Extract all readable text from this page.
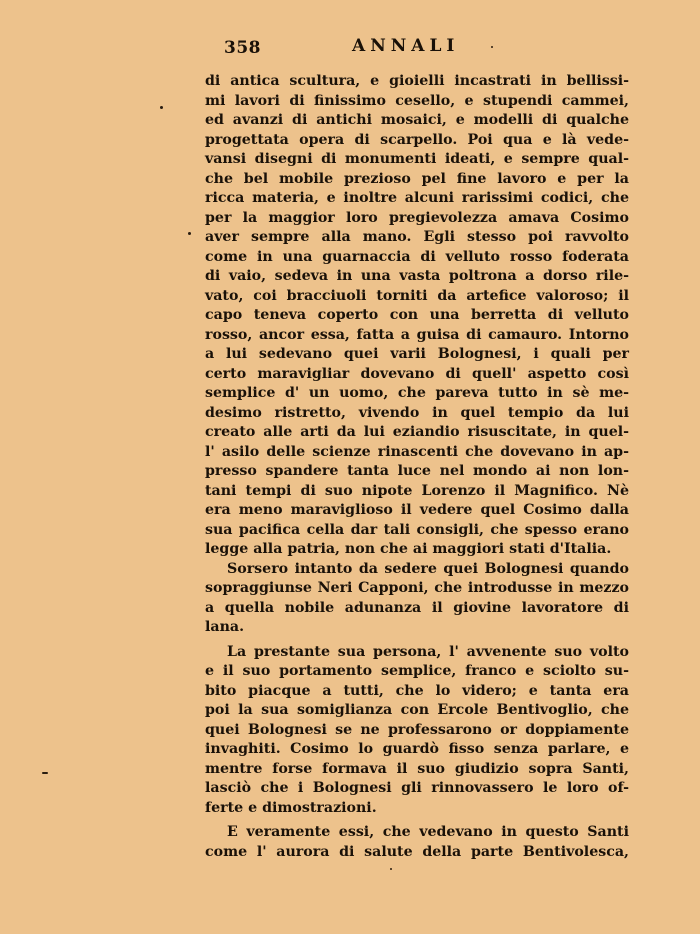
358	ANNALI
di antica scultura, e gioielli incastrati in bellissi-
mi lavori di finissimo cesello, e stupendi cammei,
ed avanzi di antichi mosaici, e modelli di qualche
progettata opera di scarpello. Poi qua e là vede-
vansi disegni di monumenti ideati, e sempre qual-
che bel mobile prezioso pel fine lavoro e per la
ricca materia, e inoltre alcuni rarissimi codici, che
per la maggior loro pregievolezza amava Cosimo
aver sempre alla mano. Egli stesso poi ravvolto
come in una guarnaccia di velluto rosso foderata
di vaio, sedeva in una vasta poltrona a dorso rile-
vato, coi bracciuoli torniti da artefice valoroso; il
capo teneva coperto con una berretta di velluto
rosso, ancor essa, fatta a guisa di camauro. Intorno
a lui sedevano quei varii Bolognesi, i quali per
certo maravigliar dovevano di quell' aspetto così
semplice d' un uomo, che pareva tutto in sè me-
desimo ristretto, vivendo in quel tempio da lui
creato alle arti da lui eziandio risuscitate, in quel-
l' asilo delle scienze rinascenti che dovevano in ap-
presso spandere tanta luce nel mondo ai non lon-
tani tempi di suo nipote Lorenzo il Magnifico. Nè
era meno maraviglioso il vedere quel Cosimo dalla
sua pacifica cella dar tali consigli, che spesso erano
legge alla patria, non che ai maggiori stati d'Italia.
Sorsero intanto da sedere quei Bolognesi quando
sopraggiunse Neri Capponi, che introdusse in mezzo
a quella nobile adunanza il giovine lavoratore di
lana.
La prestante sua persona, l' avvenente suo volto
e il suo portamento semplice, franco e sciolto su-
bito piacque a tutti, che lo videro; e tanta era
poi la sua somiglianza con Ercole Bentivoglio, che
quei Bolognesi se ne professarono or doppiamente
invaghiti. Cosimo lo guardò fisso senza parlare, e
mentre forse formava il suo giudizio sopra Santi,
lasciò che i Bolognesi gli rinnovassero le loro of-
ferte e dimostrazioni.
E veramente essi, che vedevano in questo Santi
come l' aurora di salute della parte Bentivolesca,
